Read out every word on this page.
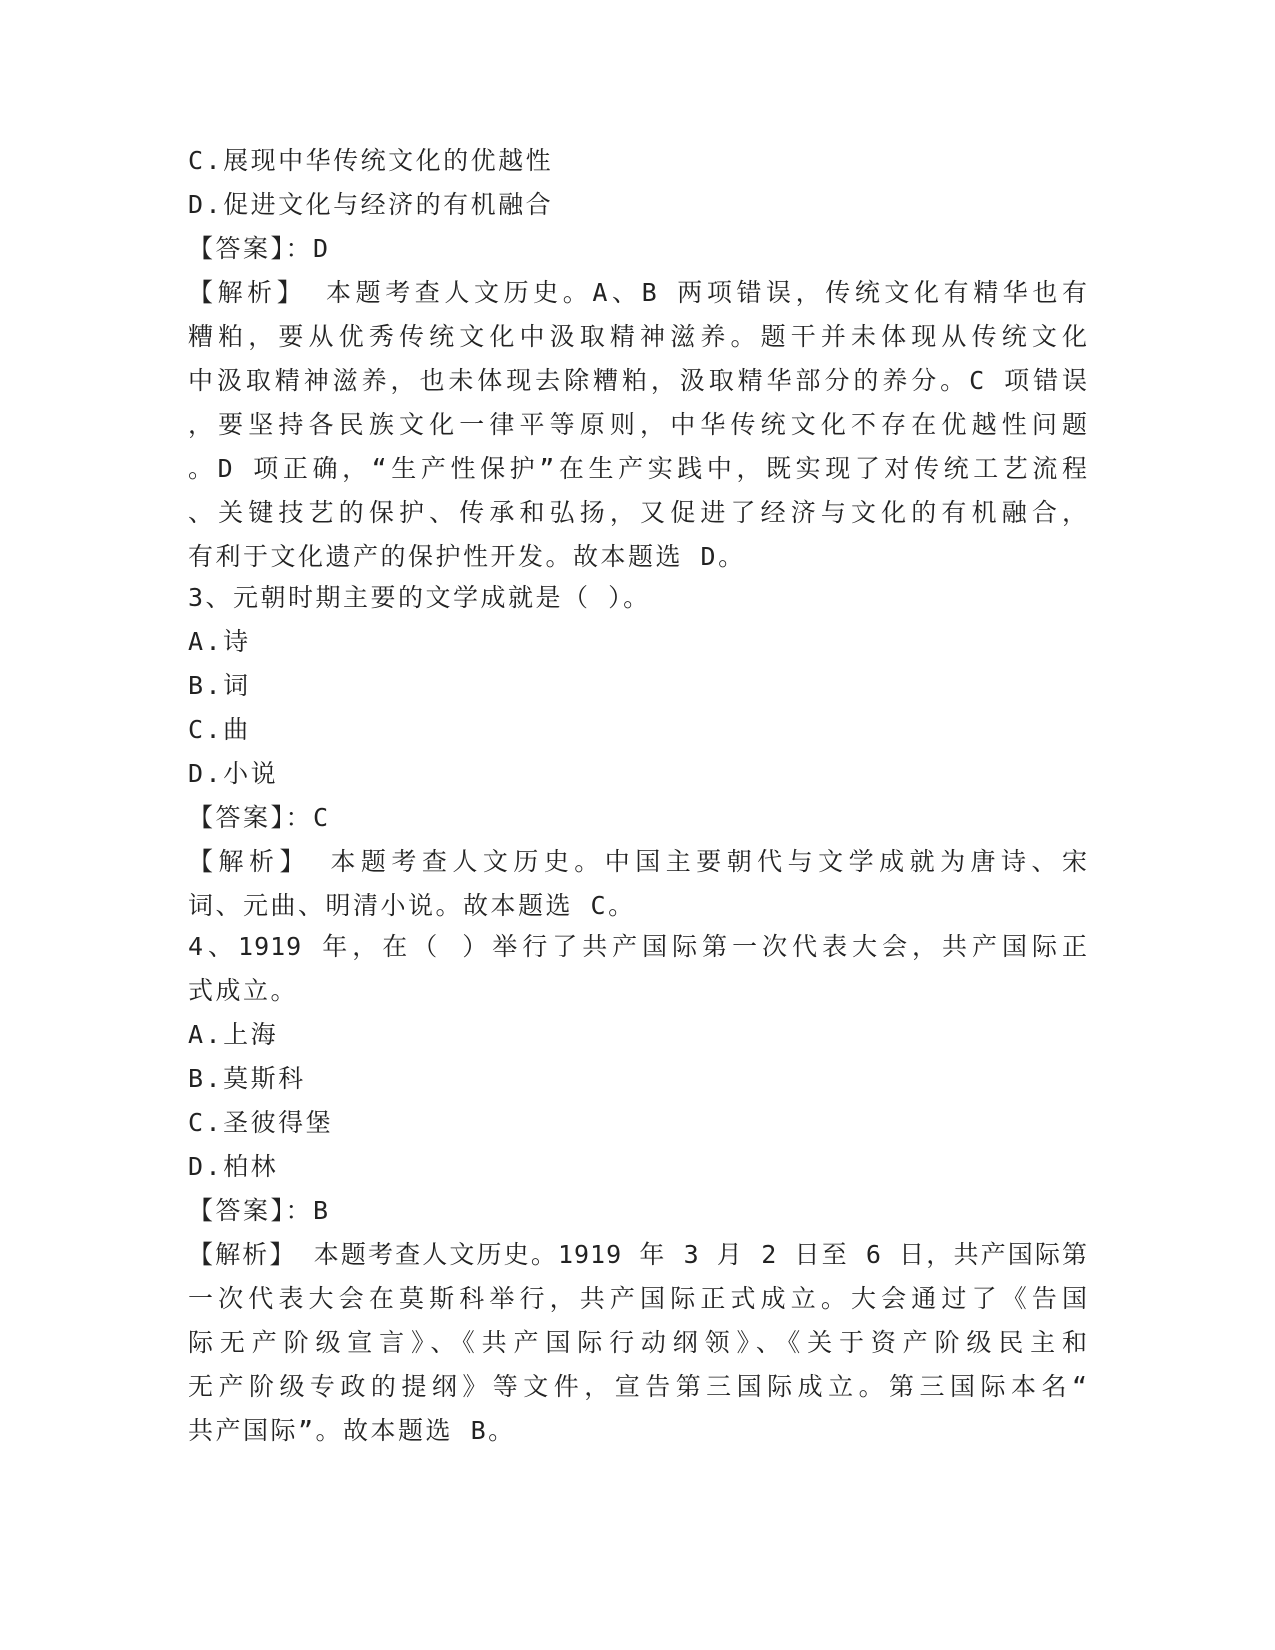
C.展现中华传统文化的优越性
D.促进文化与经济的有机融合
【答案】：D
【解析】 本题考查人文历史。A、B 两项错误，传统文化有精华也有
糟粕，要从优秀传统文化中汲取精神滋养。题干并未体现从传统文化
中汲取精神滋养，也未体现去除糟粕，汲取精华部分的养分。C 项错误
，要坚持各民族文化一律平等原则，中华传统文化不存在优越性问题
。D 项正确，“生产性保护”在生产实践中，既实现了对传统工艺流程
、关键技艺的保护、传承和弘扬，又促进了经济与文化的有机融合，
有利于文化遗产的保护性开发。故本题选 D。
3、元朝时期主要的文学成就是（ ）。
A.诗
B.词
C.曲
D.小说
【答案】：C
【解析】 本题考查人文历史。中国主要朝代与文学成就为唐诗、宋
词、元曲、明清小说。故本题选 C。
4、1919 年，在（ ）举行了共产国际第一次代表大会，共产国际正
式成立。
A.上海
B.莫斯科
C.圣彼得堡
D.柏林
【答案】：B
【解析】 本题考查人文历史。1919 年 3 月 2 日至 6 日，共产国际第
一次代表大会在莫斯科举行，共产国际正式成立。大会通过了《告国
际无产阶级宣言》、《共产国际行动纲领》、《关于资产阶级民主和
无产阶级专政的提纲》等文件，宣告第三国际成立。第三国际本名“
共产国际”。故本题选 B。
